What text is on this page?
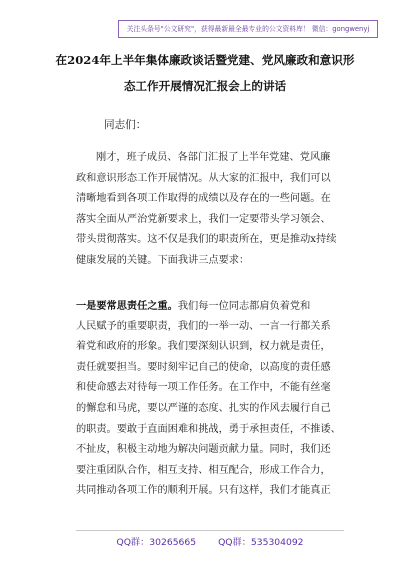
关注头条号"公文研究"，获得最新最全最专业的公文资料库！ 微信：gongwenyj
在2024年上半年集体廉政谈话暨党建、党风廉政和意识形
态工作开展情况汇报会上的讲话
同志们：

刚才，班子成员、各部门汇报了上半年党建、党风廉
政和意识形态工作开展情况。从大家的汇报中，我们可以
清晰地看到各项工作取得的成绩以及存在的一些问题。在
落实全面从严治党新要求上，我们一定要带头学习领会、
带头贯彻落实。这不仅是我们的职责所在，更是推动x持续
健康发展的关键。下面我讲三点要求：

一是要常思责任之重。我们每一位同志都肩负着党和
人民赋予的重要职责，我们的一举一动、一言一行都关系
着党和政府的形象。我们要深刻认识到，权力就是责任，
责任就要担当。要时刻牢记自己的使命，以高度的责任感
和使命感去对待每一项工作任务。在工作中，不能有丝毫
的懈怠和马虎，要以严谨的态度、扎实的作风去履行自己
的职责。要敢于直面困难和挑战，勇于承担责任，不推诿、
不扯皮，积极主动地为解决问题贡献力量。同时，我们还
要注重团队合作，相互支持、相互配合，形成工作合力，
共同推动各项工作的顺利开展。只有这样，我们才能真正

QQ群：30265665 QQ群：535304092
